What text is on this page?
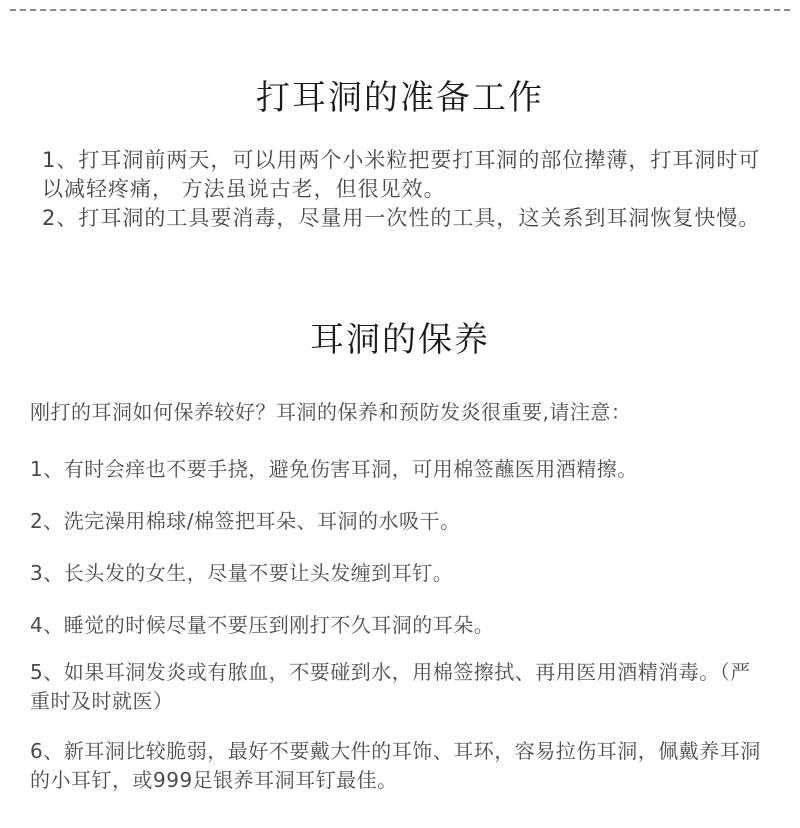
打耳洞的准备工作
1、打耳洞前两天，可以用两个小米粒把要打耳洞的部位撵薄，打耳洞时可以减轻疼痛， 方法虽说古老，但很见效。
2、打耳洞的工具要消毒，尽量用一次性的工具，这关系到耳洞恢复快慢。
耳洞的保养
刚打的耳洞如何保养较好？耳洞的保养和预防发炎很重要,请注意：
1、有时会痒也不要手挠，避免伤害耳洞，可用棉签蘸医用酒精擦。
2、洗完澡用棉球/棉签把耳朵、耳洞的水吸干。
3、长头发的女生，尽量不要让头发缠到耳钉。
4、睡觉的时候尽量不要压到刚打不久耳洞的耳朵。
5、如果耳洞发炎或有脓血，不要碰到水，用棉签擦拭、再用医用酒精消毒。（严重时及时就医）
6、新耳洞比较脆弱，最好不要戴大件的耳饰、耳环，容易拉伤耳洞，佩戴养耳洞的小耳钉，或999足银养耳洞耳钉最佳。
